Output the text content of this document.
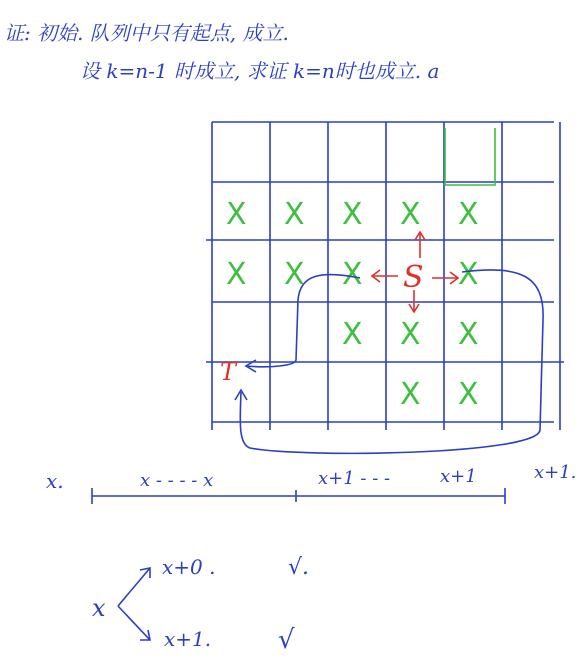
证: 初始. 队列中只有起点, 成立.
设 k=n-1 时成立, 求证 k=n时也成立. a
X X X X X
X X X	X
X X X
X X
S
T
x.	x - - - - x	x+1 - - -	x+1	x+1.
x
x+0 .
x+1.
√.
√
